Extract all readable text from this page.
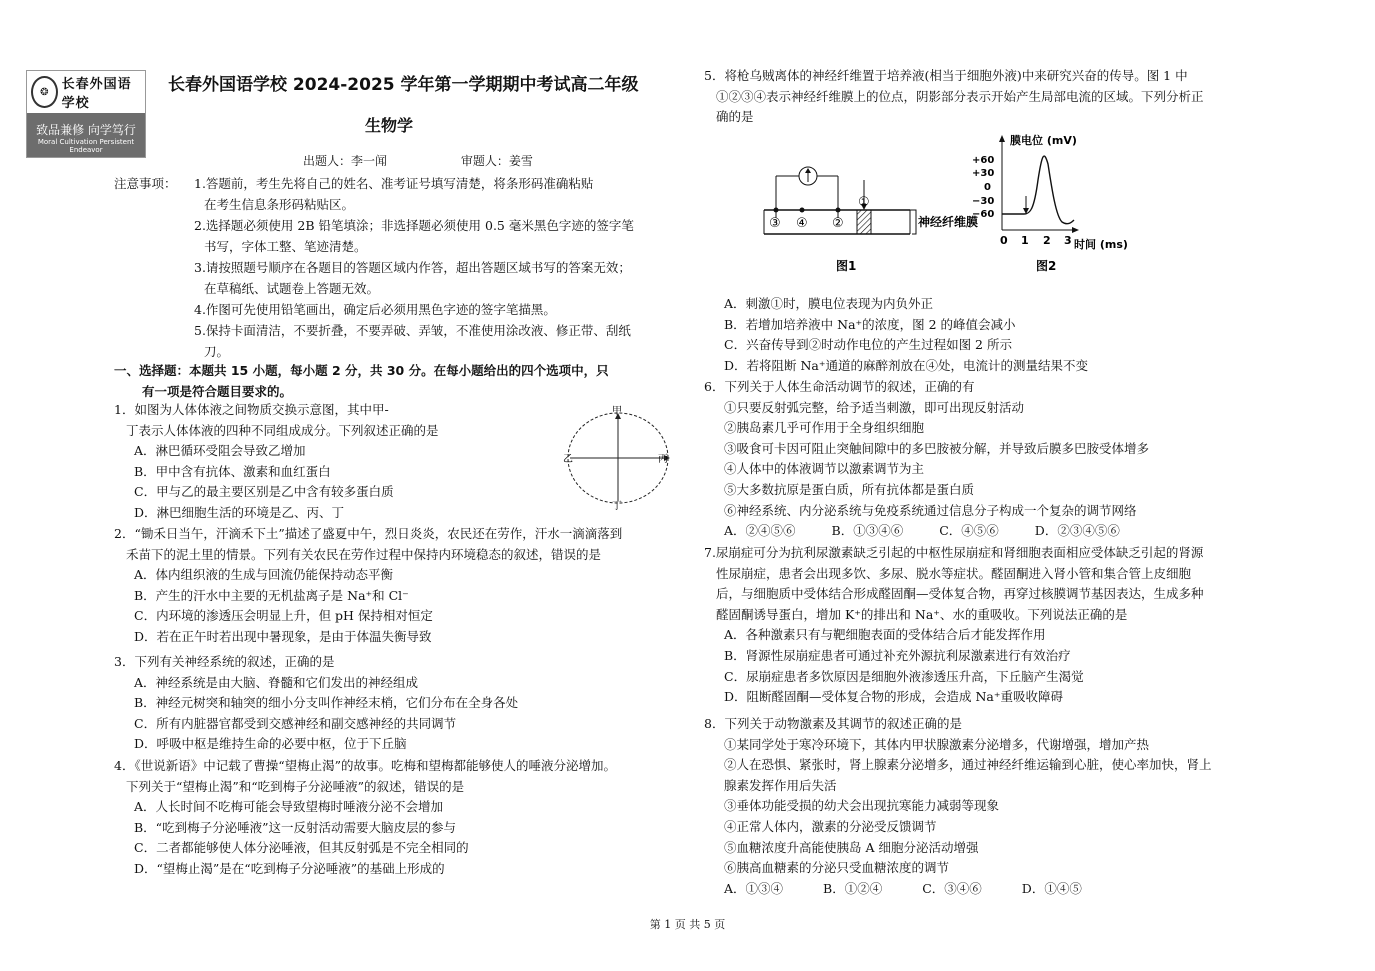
❂	长春外国语学校
致品兼修 向学笃行
Moral Cultivation Persistent Endeavor
长春外国语学校 2024-2025 学年第一学期期中考试高二年级
生物学
出题人：李一闻	审题人：姜雪
注意事项：	1.答题前，考生先将自己的姓名、准考证号填写清楚，将条形码准确粘贴
在考生信息条形码粘贴区。
2.选择题必须使用 2B 铅笔填涂；非选择题必须使用 0.5 毫米黑色字迹的签字笔
书写，字体工整、笔迹清楚。
3.请按照题号顺序在各题目的答题区域内作答，超出答题区域书写的答案无效；
在草稿纸、试题卷上答题无效。
4.作图可先使用铅笔画出，确定后必须用黑色字迹的签字笔描黑。
5.保持卡面清洁，不要折叠，不要弄破、弄皱，不准使用涂改液、修正带、刮纸
刀。
一、选择题：本题共 15 小题，每小题 2 分，共 30 分。在每小题给出的四个选项中，只
有一项是符合题目要求的。
1．如图为人体体液之间物质交换示意图，其中甲-
丁表示人体体液的四种不同组成成分。下列叙述正确的是
A．淋巴循环受阻会导致乙增加
B．甲中含有抗体、激素和血红蛋白
C．甲与乙的最主要区别是乙中含有较多蛋白质
D．淋巴细胞生活的环境是乙、丙、丁
甲
乙	丙
丁
2．“锄禾日当午，汗滴禾下土”描述了盛夏中午，烈日炎炎，农民还在劳作，汗水一滴滴落到
禾苗下的泥土里的情景。下列有关农民在劳作过程中保持内环境稳态的叙述，错误的是
A．体内组织液的生成与回流仍能保持动态平衡
B．产生的汗水中主要的无机盐离子是 Na⁺和 Cl⁻
C．内环境的渗透压会明显上升，但 pH 保持相对恒定
D．若在正午时若出现中暑现象，是由于体温失衡导致
3．下列有关神经系统的叙述，正确的是
A．神经系统是由大脑、脊髓和它们发出的神经组成
B．神经元树突和轴突的细小分支叫作神经末梢，它们分布在全身各处
C．所有内脏器官都受到交感神经和副交感神经的共同调节
D．呼吸中枢是维持生命的必要中枢，位于下丘脑
4．《世说新语》中记载了曹操“望梅止渴”的故事。吃梅和望梅都能够使人的唾液分泌增加。
下列关于“望梅止渴”和“吃到梅子分泌唾液”的叙述，错误的是
A．人长时间不吃梅可能会导致望梅时唾液分泌不会增加
B．“吃到梅子分泌唾液”这一反射活动需要大脑皮层的参与
C．二者都能够使人体分泌唾液，但其反射弧是不完全相同的
D．“望梅止渴”是在“吃到梅子分泌唾液”的基础上形成的
5．将枪乌贼离体的神经纤维置于培养液(相当于细胞外液)中来研究兴奋的传导。图 1 中
①②③④表示神经纤维膜上的位点，阴影部分表示开始产生局部电流的区域。下列分析正
确的是
③ ④ ②
①
神经纤维膜
图1
膜电位 (mV)
+60
+30
0
−30
−60
0 1 2 3 时间 (ms)
图2
A．刺激①时，膜电位表现为内负外正
B．若增加培养液中 Na⁺的浓度，图 2 的峰值会减小
C．兴奋传导到②时动作电位的产生过程如图 2 所示
D．若将阻断 Na⁺通道的麻醉剂放在④处，电流计的测量结果不变
6．下列关于人体生命活动调节的叙述，正确的有
①只要反射弧完整，给予适当刺激，即可出现反射活动
②胰岛素几乎可作用于全身组织细胞
③吸食可卡因可阻止突触间隙中的多巴胺被分解，并导致后膜多巴胺受体增多
④人体中的体液调节以激素调节为主
⑤大多数抗原是蛋白质，所有抗体都是蛋白质
⑥神经系统、内分泌系统与免疫系统通过信息分子构成一个复杂的调节网络
A．②④⑤⑥	B．①③④⑥	C．④⑤⑥	D．②③④⑤⑥
7.尿崩症可分为抗利尿激素缺乏引起的中枢性尿崩症和肾细胞表面相应受体缺乏引起的肾源
性尿崩症，患者会出现多饮、多尿、脱水等症状。醛固酮进入肾小管和集合管上皮细胞
后，与细胞质中受体结合形成醛固酮—受体复合物，再穿过核膜调节基因表达，生成多种
醛固酮诱导蛋白，增加 K⁺的排出和 Na⁺、水的重吸收。下列说法正确的是
A．各种激素只有与靶细胞表面的受体结合后才能发挥作用
B．肾源性尿崩症患者可通过补充外源抗利尿激素进行有效治疗
C．尿崩症患者多饮原因是细胞外液渗透压升高，下丘脑产生渴觉
D．阻断醛固酮—受体复合物的形成，会造成 Na⁺重吸收障碍
8．下列关于动物激素及其调节的叙述正确的是
①某同学处于寒冷环境下，其体内甲状腺激素分泌增多，代谢增强，增加产热
②人在恐惧、紧张时，肾上腺素分泌增多，通过神经纤维运输到心脏，使心率加快，肾上
腺素发挥作用后失活
③垂体功能受损的幼犬会出现抗寒能力减弱等现象
④正常人体内，激素的分泌受反馈调节
⑤血糖浓度升高能使胰岛 A 细胞分泌活动增强
⑥胰高血糖素的分泌只受血糖浓度的调节
A．①③④	B．①②④	C．③④⑥	D．①④⑤
第 1 页 共 5 页
